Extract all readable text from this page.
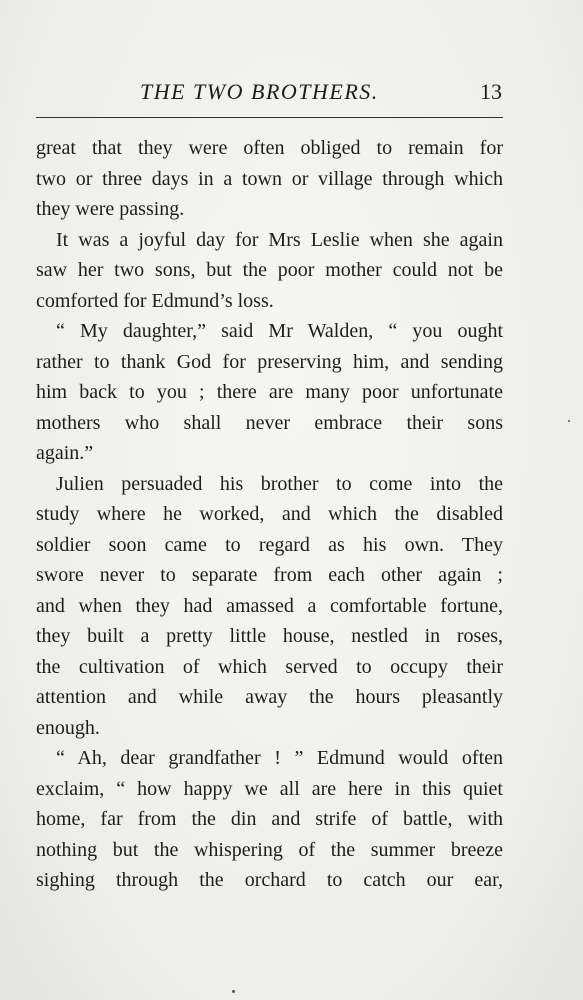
THE TWO BROTHERS.	13
great that they were often obliged to remain for
two or three days in a town or village through which
they were passing.
It was a joyful day for Mrs Leslie when she again
saw her two sons, but the poor mother could not be
comforted for Edmund’s loss.
“ My daughter,” said Mr Walden, “ you ought
rather to thank God for preserving him, and sending
him back to you ; there are many poor unfortunate
mothers who shall never embrace their sons
again.”
Julien persuaded his brother to come into the
study where he worked, and which the disabled
soldier soon came to regard as his own. They
swore never to separate from each other again ;
and when they had amassed a comfortable fortune,
they built a pretty little house, nestled in roses,
the cultivation of which served to occupy their
attention and while away the hours pleasantly
enough.
“ Ah, dear grandfather ! ” Edmund would often
exclaim, “ how happy we all are here in this quiet
home, far from the din and strife of battle, with
nothing but the whispering of the summer breeze
sighing through the orchard to catch our ear,
